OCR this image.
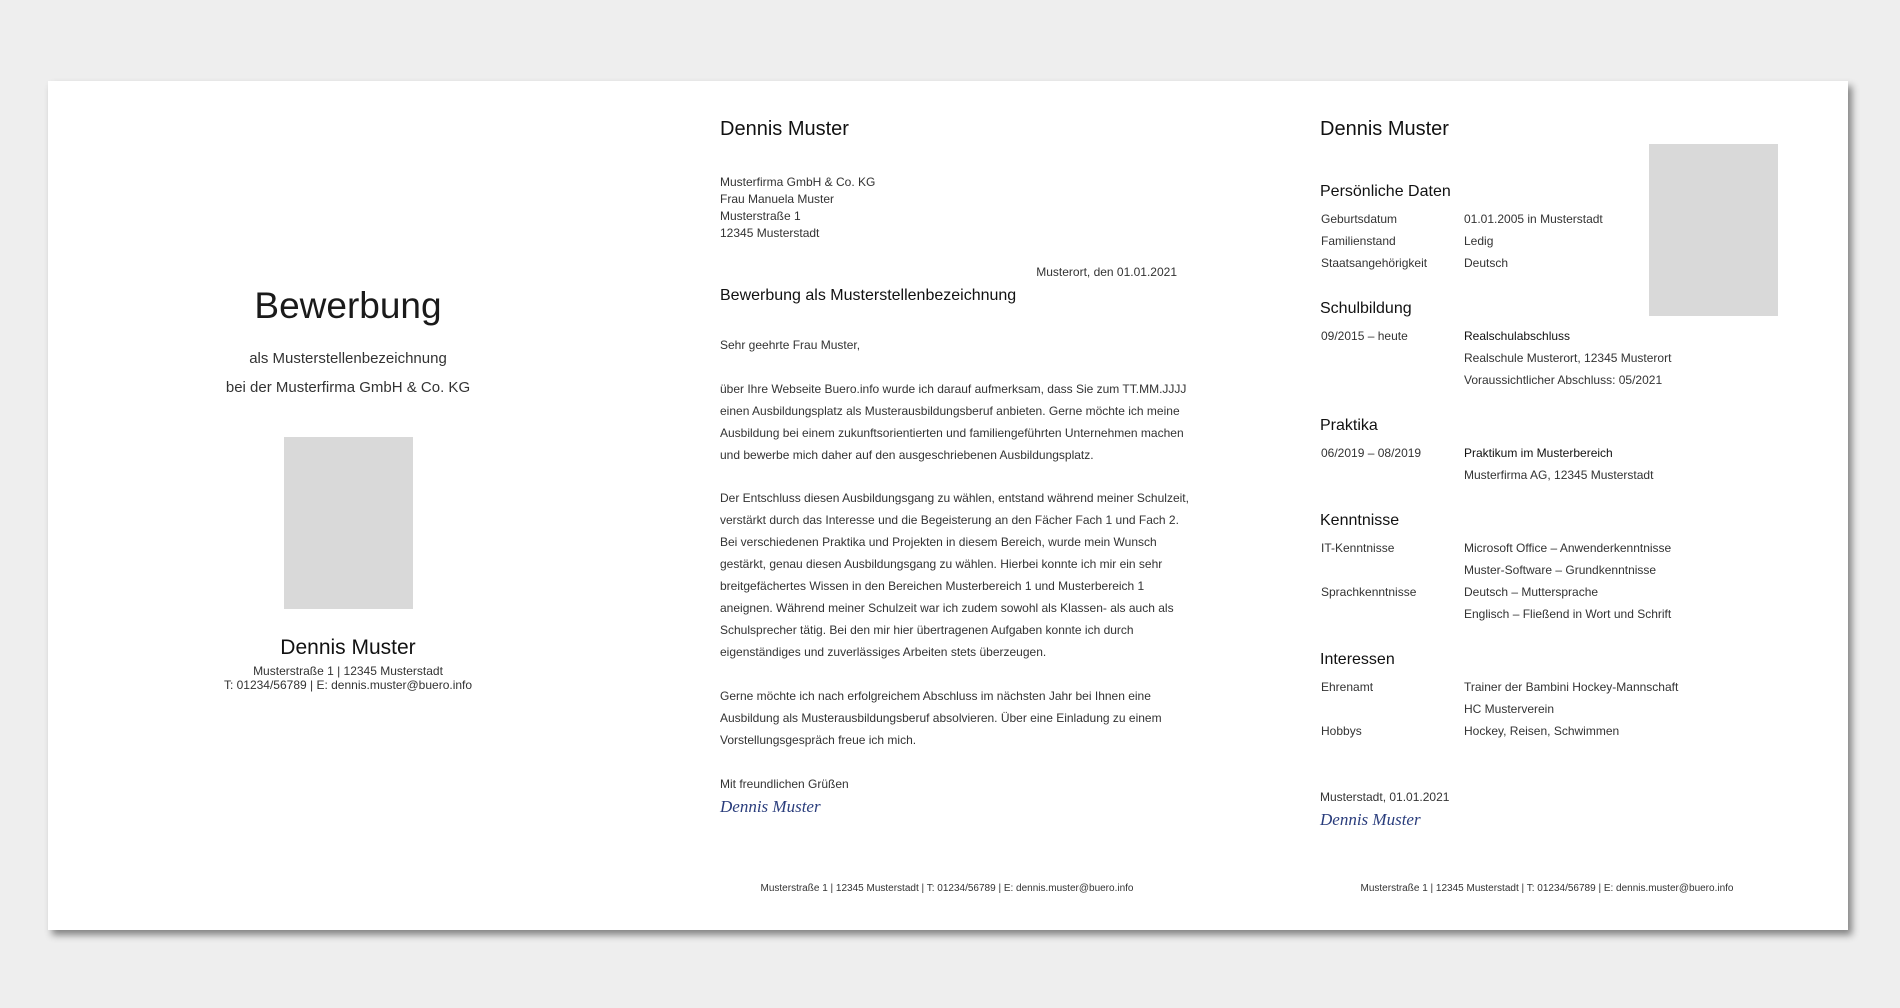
Bewerbung
als Musterstellenbezeichnung
bei der Musterfirma GmbH & Co. KG
Dennis Muster
Musterstraße 1 | 12345 Musterstadt
T: 01234/56789 | E: dennis.muster@buero.info
Dennis Muster
Musterfirma GmbH & Co. KG
Frau Manuela Muster
Musterstraße 1
12345 Musterstadt
Musterort, den 01.01.2021
Bewerbung als Musterstellenbezeichnung
Sehr geehrte Frau Muster,
über Ihre Webseite Buero.info wurde ich darauf aufmerksam, dass Sie zum TT.MM.JJJJ
einen Ausbildungsplatz als Musterausbildungsberuf anbieten. Gerne möchte ich meine
Ausbildung bei einem zukunftsorientierten und familiengeführten Unternehmen machen
und bewerbe mich daher auf den ausgeschriebenen Ausbildungsplatz.
Der Entschluss diesen Ausbildungsgang zu wählen, entstand während meiner Schulzeit,
verstärkt durch das Interesse und die Begeisterung an den Fächer Fach 1 und Fach 2.
Bei verschiedenen Praktika und Projekten in diesem Bereich, wurde mein Wunsch
gestärkt, genau diesen Ausbildungsgang zu wählen. Hierbei konnte ich mir ein sehr
breitgefächertes Wissen in den Bereichen Musterbereich 1 und Musterbereich 1
aneignen. Während meiner Schulzeit war ich zudem sowohl als Klassen- als auch als
Schulsprecher tätig. Bei den mir hier übertragenen Aufgaben konnte ich durch
eigenständiges und zuverlässiges Arbeiten stets überzeugen.
Gerne möchte ich nach erfolgreichem Abschluss im nächsten Jahr bei Ihnen eine
Ausbildung als Musterausbildungsberuf absolvieren. Über eine Einladung zu einem
Vorstellungsgespräch freue ich mich.
Mit freundlichen Grüßen
Dennis Muster
Musterstraße 1 | 12345 Musterstadt | T: 01234/56789 | E: dennis.muster@buero.info
Dennis Muster
Persönliche Daten
Geburtsdatum	01.01.2005 in Musterstadt
Familienstand	Ledig
Staatsangehörigkeit	Deutsch
Schulbildung
09/2015 – heute	Realschulabschluss
Realschule Musterort, 12345 Musterort
Voraussichtlicher Abschluss: 05/2021
Praktika
06/2019 – 08/2019	Praktikum im Musterbereich
Musterfirma AG, 12345 Musterstadt
Kenntnisse
IT-Kenntnisse	Microsoft Office – Anwenderkenntnisse
Muster-Software – Grundkenntnisse
Sprachkenntnisse	Deutsch – Muttersprache
Englisch – Fließend in Wort und Schrift
Interessen
Ehrenamt	Trainer der Bambini Hockey-Mannschaft
HC Musterverein
Hobbys	Hockey, Reisen, Schwimmen
Musterstadt, 01.01.2021
Dennis Muster
Musterstraße 1 | 12345 Musterstadt | T: 01234/56789 | E: dennis.muster@buero.info
